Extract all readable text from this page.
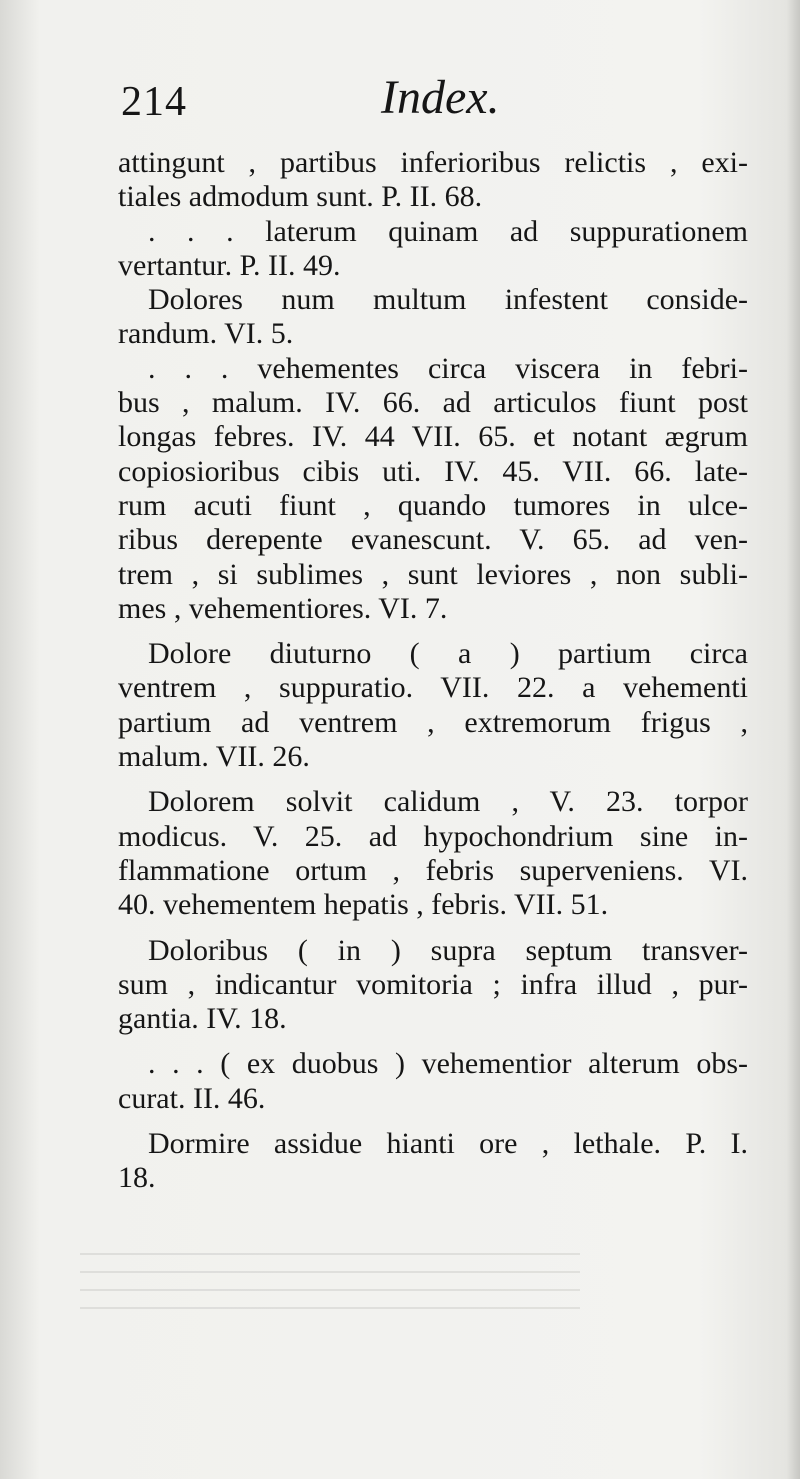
214	Index.
attingunt , partibus inferioribus relictis , exi-
tiales admodum sunt. P. II. 68.
. . . laterum quinam ad suppurationem
vertantur. P. II. 49.
Dolores num multum infestent conside-
randum. VI. 5.
. . . vehementes circa viscera in febri-
bus , malum. IV. 66. ad articulos fiunt post
longas febres. IV. 44 VII. 65. et notant ægrum
copiosioribus cibis uti. IV. 45. VII. 66. late-
rum acuti fiunt , quando tumores in ulce-
ribus derepente evanescunt. V. 65. ad ven-
trem , si sublimes , sunt leviores , non subli-
mes , vehementiores. VI. 7.
Dolore diuturno ( a ) partium circa
ventrem , suppuratio. VII. 22. a vehementi
partium ad ventrem , extremorum frigus ,
malum. VII. 26.
Dolorem solvit calidum , V. 23. torpor
modicus. V. 25. ad hypochondrium sine in-
flammatione ortum , febris superveniens. VI.
40. vehementem hepatis , febris. VII. 51.
Doloribus ( in ) supra septum transver-
sum , indicantur vomitoria ; infra illud , pur-
gantia. IV. 18.
. . . ( ex duobus ) vehementior alterum obs-
curat. II. 46.
Dormire assidue hianti ore , lethale. P. I.
18.
